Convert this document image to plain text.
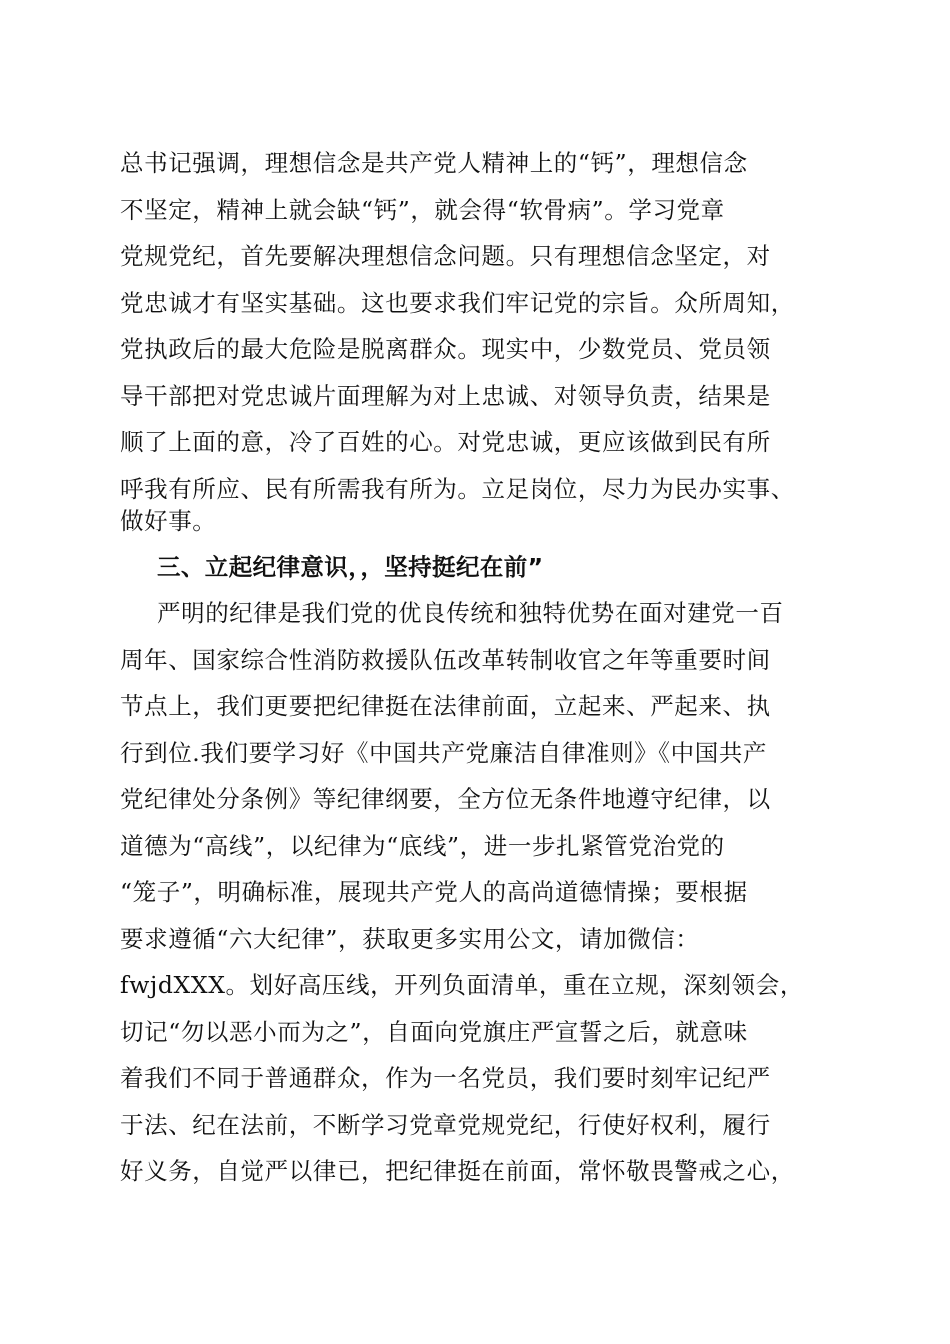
总书记强调，理想信念是共产党人精神上的“钙”，理想信念
不坚定，精神上就会缺“钙”，就会得“软骨病”。学习党章
党规党纪，首先要解决理想信念问题。只有理想信念坚定，对
党忠诚才有坚实基础。这也要求我们牢记党的宗旨。众所周知，
党执政后的最大危险是脱离群众。现实中，少数党员、党员领
导干部把对党忠诚片面理解为对上忠诚、对领导负责，结果是
顺了上面的意，冷了百姓的心。对党忠诚，更应该做到民有所
呼我有所应、民有所需我有所为。立足岗位，尽力为民办实事、
做好事。
三、立起纪律意识，，坚持挺纪在前”
严明的纪律是我们党的优良传统和独特优势在面对建党一百
周年、国家综合性消防救援队伍改革转制收官之年等重要时间
节点上，我们更要把纪律挺在法律前面，立起来、严起来、执
行到位.我们要学习好《中国共产党廉洁自律准则》《中国共产
党纪律处分条例》等纪律纲要，全方位无条件地遵守纪律，以
道德为“高线”，以纪律为“底线”，进一步扎紧管党治党的
“笼子”，明确标准，展现共产党人的高尚道德情操；要根据
要求遵循“六大纪律”，获取更多实用公文，请加微信：
fwjdXXX。划好高压线，开列负面清单，重在立规，深刻领会，
切记“勿以恶小而为之”，自面向党旗庄严宣誓之后，就意味
着我们不同于普通群众，作为一名党员，我们要时刻牢记纪严
于法、纪在法前，不断学习党章党规党纪，行使好权利，履行
好义务，自觉严以律已，把纪律挺在前面，常怀敬畏警戒之心，
